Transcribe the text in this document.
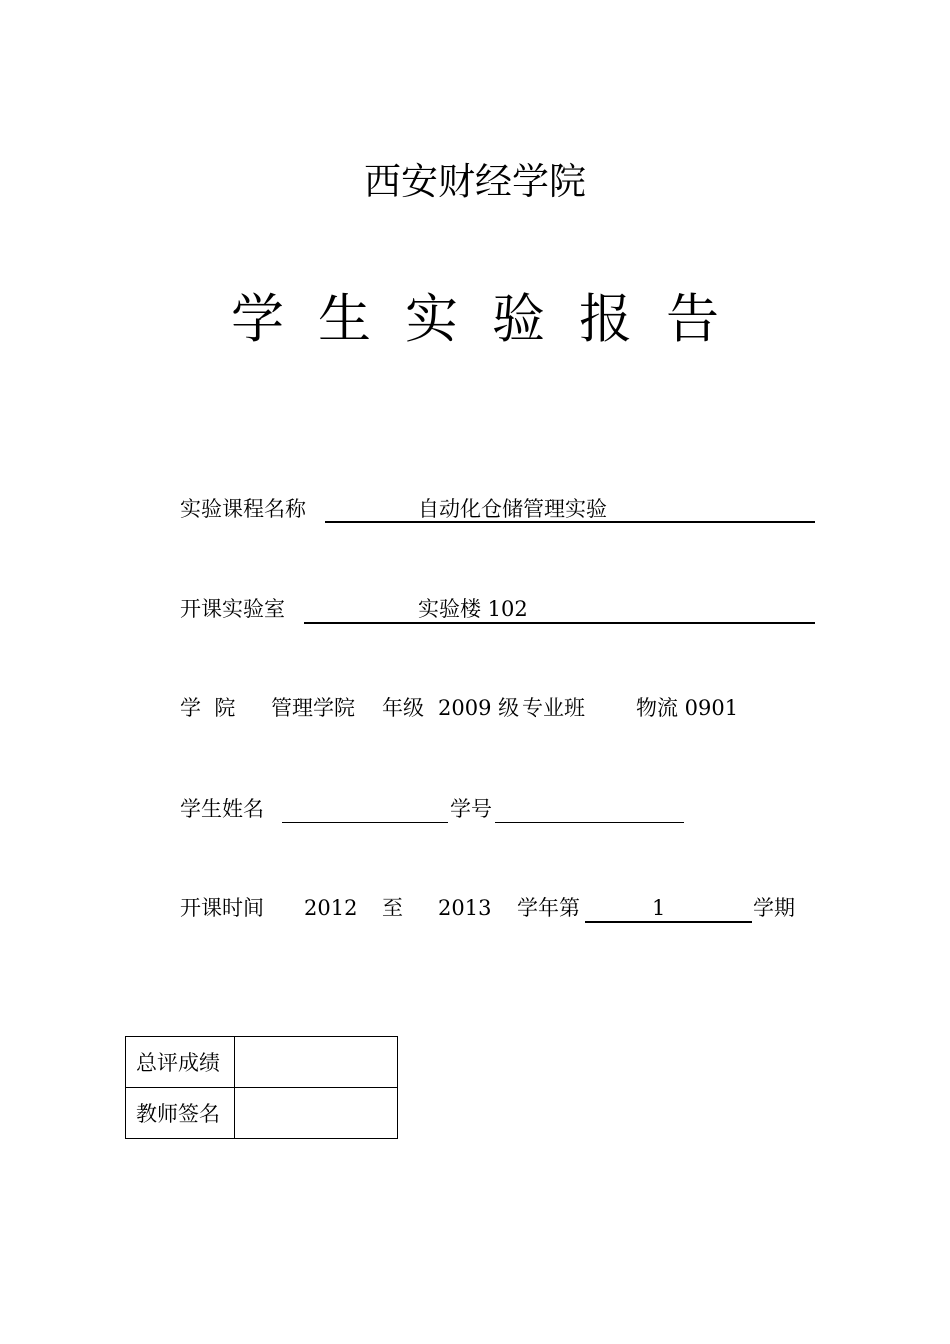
西安财经学院
学生实验报告
实验课程名称	自动化仓储管理实验
开课实验室	实验楼 102
学  院 管理学院 年级 2009 级 专业班 物流 0901
学生姓名	学号
开课时间 2012 至 2013 学年第	1	学期
总评成绩	
教师签名	
